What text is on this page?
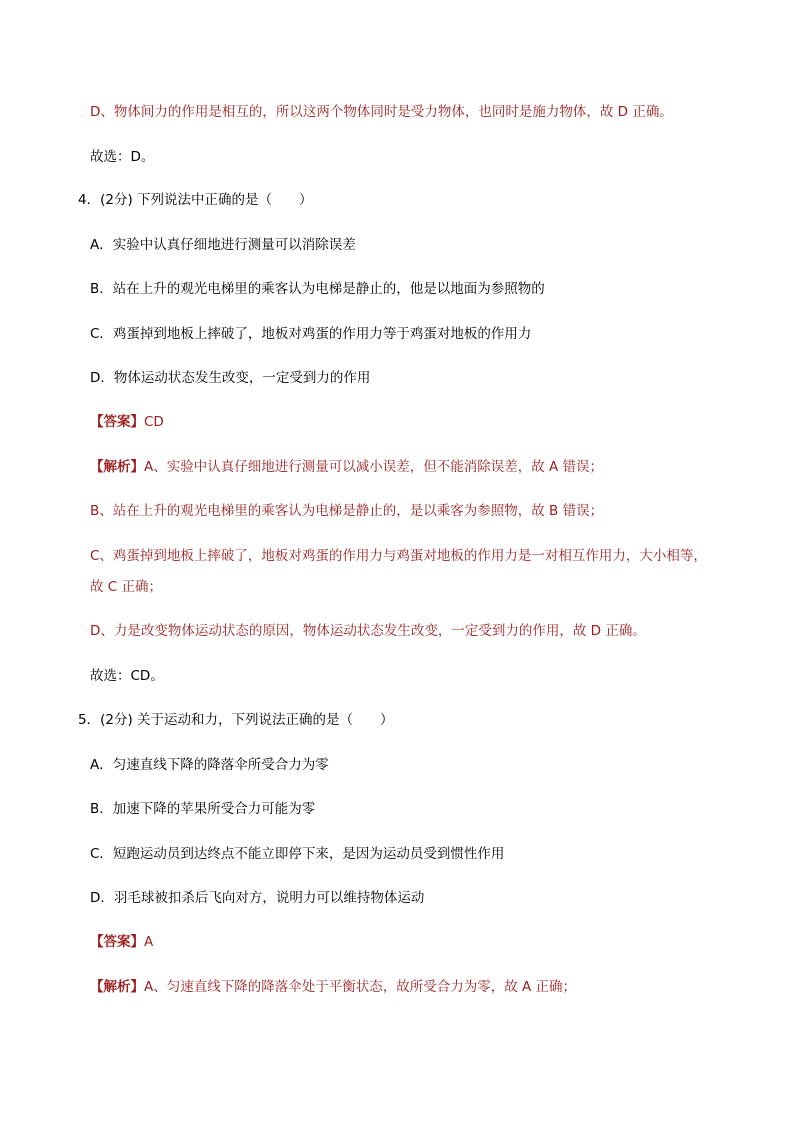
D、物体间力的作用是相互的，所以这两个物体同时是受力物体，也同时是施力物体，故 D 正确。
故选：D。
4．(2分) 下列说法中正确的是（　　）
A．实验中认真仔细地进行测量可以消除误差
B．站在上升的观光电梯里的乘客认为电梯是静止的，他是以地面为参照物的
C．鸡蛋掉到地板上摔破了，地板对鸡蛋的作用力等于鸡蛋对地板的作用力
D．物体运动状态发生改变，一定受到力的作用
【答案】CD
【解析】A、实验中认真仔细地进行测量可以减小误差，但不能消除误差，故 A 错误；
B、站在上升的观光电梯里的乘客认为电梯是静止的，是以乘客为参照物，故 B 错误；
C、鸡蛋掉到地板上摔破了，地板对鸡蛋的作用力与鸡蛋对地板的作用力是一对相互作用力，大小相等，
故 C 正确；
D、力是改变物体运动状态的原因，物体运动状态发生改变，一定受到力的作用，故 D 正确。
故选：CD。
5．(2分) 关于运动和力，下列说法正确的是（　　）
A．匀速直线下降的降落伞所受合力为零
B．加速下降的苹果所受合力可能为零
C．短跑运动员到达终点不能立即停下来，是因为运动员受到惯性作用
D．羽毛球被扣杀后飞向对方，说明力可以维持物体运动
【答案】A
【解析】A、匀速直线下降的降落伞处于平衡状态，故所受合力为零，故 A 正确；
